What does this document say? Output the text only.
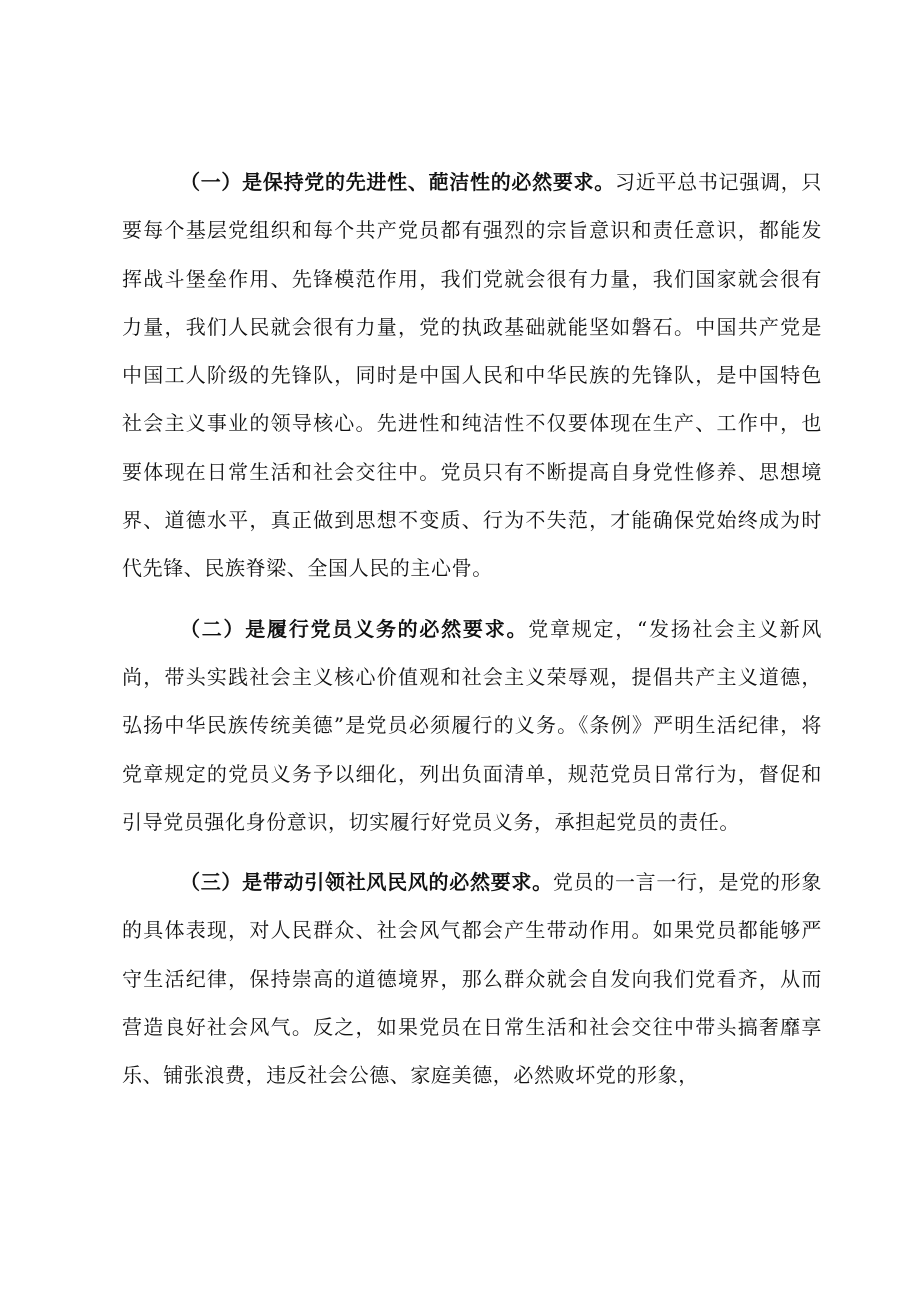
（一）是保持党的先进性、葩洁性的必然要求。习近平总书记强调，只要每个基层党组织和每个共产党员都有强烈的宗旨意识和责任意识，都能发挥战斗堡垒作用、先锋模范作用，我们党就会很有力量，我们国家就会很有力量，我们人民就会很有力量，党的执政基础就能坚如磐石。中国共产党是中国工人阶级的先锋队，同时是中国人民和中华民族的先锋队，是中国特色社会主义事业的领导核心。先进性和纯洁性不仅要体现在生产、工作中，也要体现在日常生活和社会交往中。党员只有不断提高自身党性修养、思想境界、道德水平，真正做到思想不变质、行为不失范，才能确保党始终成为时代先锋、民族脊梁、全国人民的主心骨。

（二）是履行党员义务的必然要求。党章规定，“发扬社会主义新风尚，带头实践社会主义核心价值观和社会主义荣辱观，提倡共产主义道德，弘扬中华民族传统美德”是党员必须履行的义务。《条例》严明生活纪律，将党章规定的党员义务予以细化，列出负面清单，规范党员日常行为，督促和引导党员强化身份意识，切实履行好党员义务，承担起党员的责任。

（三）是带动引领社风民风的必然要求。党员的一言一行，是党的形象的具体表现，对人民群众、社会风气都会产生带动作用。如果党员都能够严守生活纪律，保持崇高的道德境界，那么群众就会自发向我们党看齐，从而营造良好社会风气。反之，如果党员在日常生活和社会交往中带头搞奢靡享乐、铺张浪费，违反社会公德、家庭美德，必然败坏党的形象，
